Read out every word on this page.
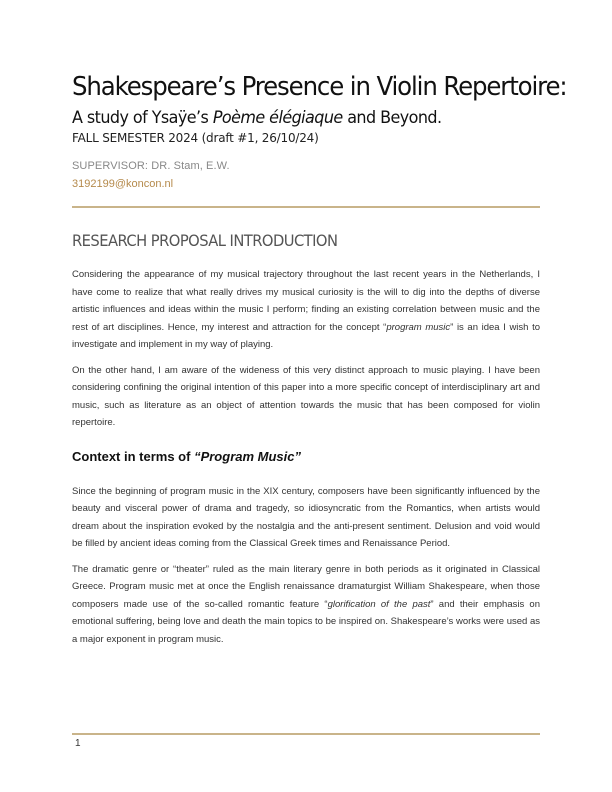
Shakespeare’s Presence in Violin Repertoire:
A study of Ysaÿe’s Poème élégiaque and Beyond.
FALL SEMESTER 2024 (draft #1, 26/10/24)
SUPERVISOR: DR. Stam, E.W.
3192199@koncon.nl
RESEARCH PROPOSAL INTRODUCTION

Considering the appearance of my musical trajectory throughout the last recent years in the Netherlands, I have come to realize that what really drives my musical curiosity is the will to dig into the depths of diverse artistic influences and ideas within the music I perform; finding an existing correlation between music and the rest of art disciplines. Hence, my interest and attraction for the concept “program music” is an idea I wish to investigate and implement in my way of playing.

On the other hand, I am aware of the wideness of this very distinct approach to music playing. I have been considering confining the original intention of this paper into a more specific concept of interdisciplinary art and music, such as literature as an object of attention towards the music that has been composed for violin repertoire.

Context in terms of “Program Music”

Since the beginning of program music in the XIX century, composers have been significantly influenced by the beauty and visceral power of drama and tragedy, so idiosyncratic from the Romantics, when artists would dream about the inspiration evoked by the nostalgia and the anti-present sentiment. Delusion and void would be filled by ancient ideas coming from the Classical Greek times and Renaissance Period.

The dramatic genre or “theater” ruled as the main literary genre in both periods as it originated in Classical Greece. Program music met at once the English renaissance dramaturgist William Shakespeare, when those composers made use of the so-called romantic feature “glorification of the past” and their emphasis on emotional suffering, being love and death the main topics to be inspired on. Shakespeare’s works were used as a major exponent in program music.

1
